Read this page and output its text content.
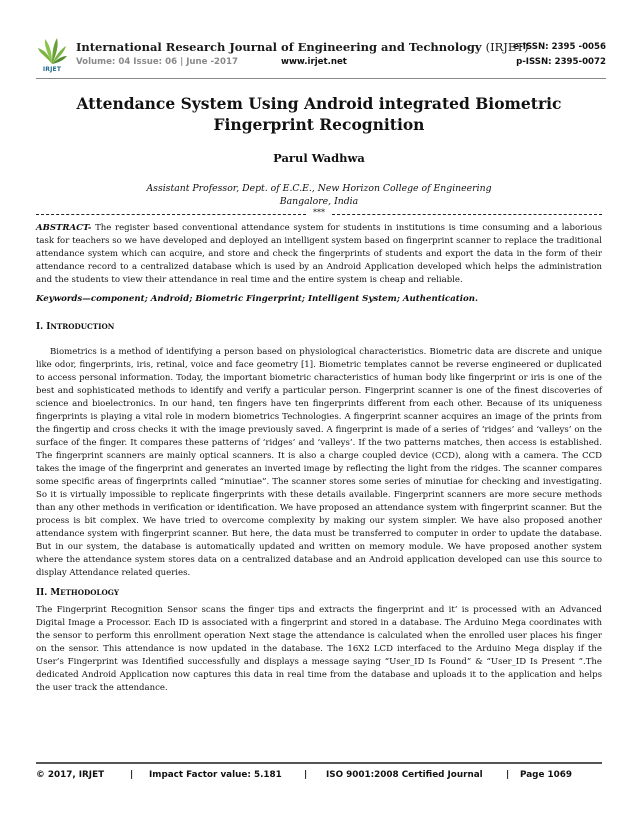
IRJET
International Research Journal of Engineering and Technology (IRJET)
Volume: 04 Issue: 06 | June -2017	www.irjet.net
e-ISSN: 2395 -0056
p-ISSN: 2395-0072
Attendance System Using Android integrated Biometric Fingerprint Recognition
Parul Wadhwa
Assistant Professor, Dept. of E.C.E., New Horizon College of Engineering
Bangalore, India
***
ABSTRACT- The register based conventional attendance system for students in institutions is time consuming and a laborious task for teachers so we have developed and deployed an intelligent system based on fingerprint scanner to replace the traditional attendance system which can acquire, and store and check the fingerprints of students and export the data in the form of their attendance record to a centralized database which is used by an Android Application developed which helps the administration and the students to view their attendance in real time and the entire system is cheap and reliable.
Keywords—component; Android; Biometric Fingerprint; Intelligent System; Authentication.
I. INTRODUCTION
Biometrics is a method of identifying a person based on physiological characteristics. Biometric data are discrete and unique like odor, fingerprints, iris, retinal, voice and face geometry [1]. Biometric templates cannot be reverse engineered or duplicated to access personal information. Today, the important biometric characteristics of human body like fingerprint or iris is one of the best and sophisticated methods to identify and verify a particular person. Fingerprint scanner is one of the finest discoveries of science and bioelectronics. In our hand, ten fingers have ten fingerprints different from each other. Because of its uniqueness fingerprints is playing a vital role in modern biometrics Technologies. A fingerprint scanner acquires an image of the prints from the fingertip and cross checks it with the image previously saved. A fingerprint is made of a series of ‘ridges’ and ‘valleys’ on the surface of the finger. It compares these patterns of ‘ridges’ and ‘valleys’. If the two patterns matches, then access is established. The fingerprint scanners are mainly optical scanners. It is also a charge coupled device (CCD), along with a camera. The CCD takes the image of the fingerprint and generates an inverted image by reflecting the light from the ridges. The scanner compares some specific areas of fingerprints called “minutiae”. The scanner stores some series of minutiae for checking and investigating. So it is virtually impossible to replicate fingerprints with these details available. Fingerprint scanners are more secure methods than any other methods in verification or identification. We have proposed an attendance system with fingerprint scanner. But the process is bit complex. We have tried to overcome complexity by making our system simpler. We have also proposed another attendance system with fingerprint scanner. But here, the data must be transferred to computer in order to update the database. But in our system, the database is automatically updated and written on memory module. We have proposed another system where the attendance system stores data on a centralized database and an Android application developed can use this source to display Attendance related queries.
II. METHODOLOGY
The Fingerprint Recognition Sensor scans the finger tips and extracts the fingerprint and it’ is processed with an Advanced Digital Image a Processor. Each ID is associated with a fingerprint and stored in a database. The Arduino Mega coordinates with the sensor to perform this enrollment operation Next stage the attendance is calculated when the enrolled user places his finger on the sensor. This attendance is now updated in the database. The 16X2 LCD interfaced to the Arduino Mega display if the User’s Fingerprint was Identified successfully and displays a message saying “User_ID Is Found” & “User_ID Is Present ”.The dedicated Android Application now captures this data in real time from the database and uploads it to the application and helps the user track the attendance.
© 2017, IRJET	| Impact Factor value: 5.181	| ISO 9001:2008 Certified Journal	| Page 1069
